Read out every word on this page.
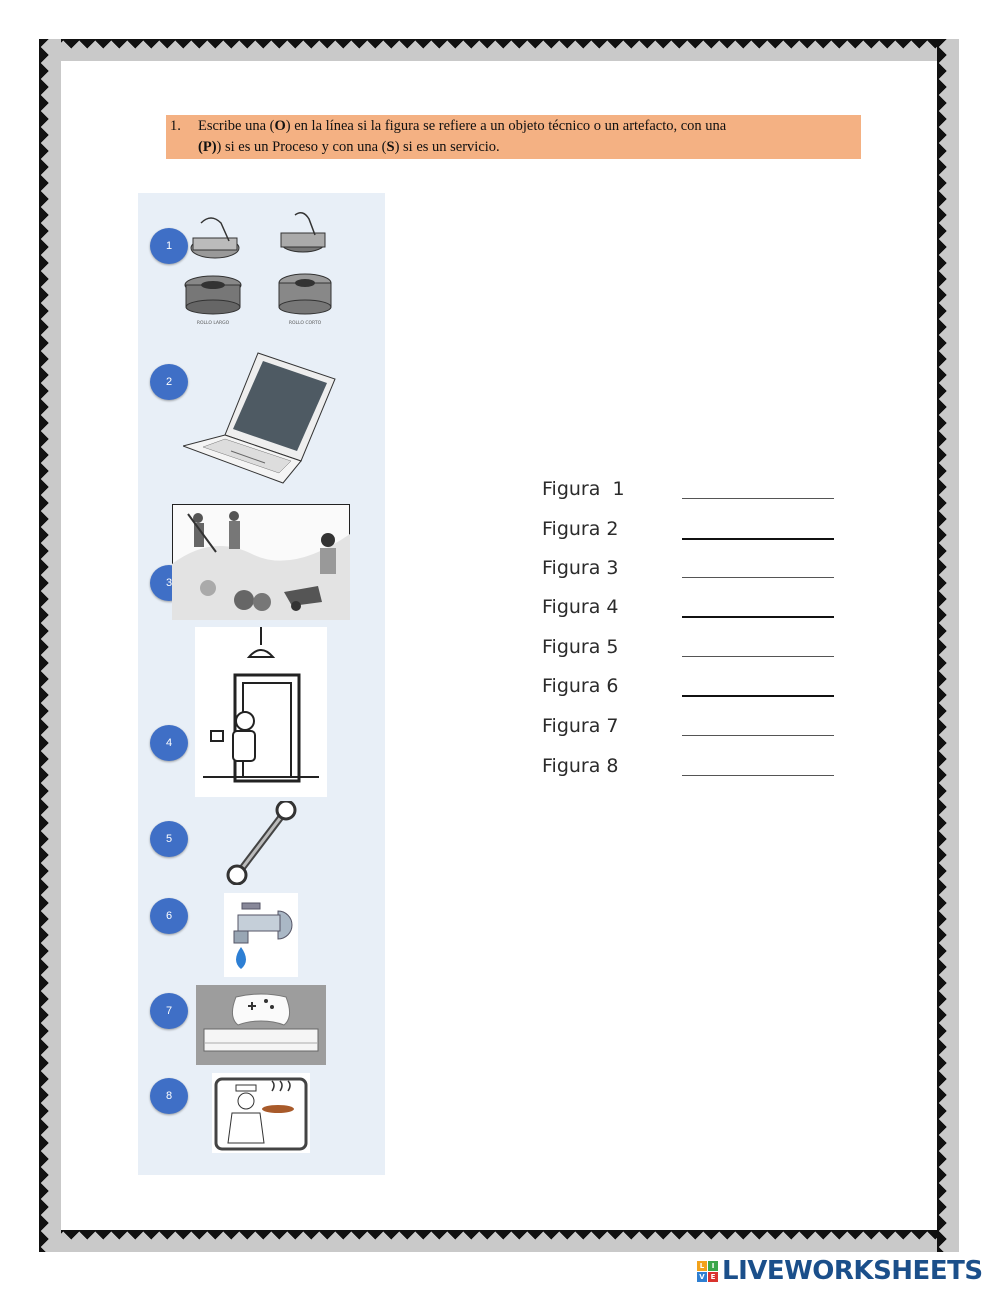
1. Escribe una (O) en la línea si la figura se refiere a un objeto técnico o un artefacto, con una
(P)) si es un Proceso y con una (S) si es un servicio.
1
ROLLO LARGO	ROLLO CORTO
2
3
4
5
6
7
8
Figura  1
Figura 2
Figura 3
Figura 4
Figura 5
Figura 6
Figura 7
Figura 8
L	I
V E LIVEWORKSHEETS
